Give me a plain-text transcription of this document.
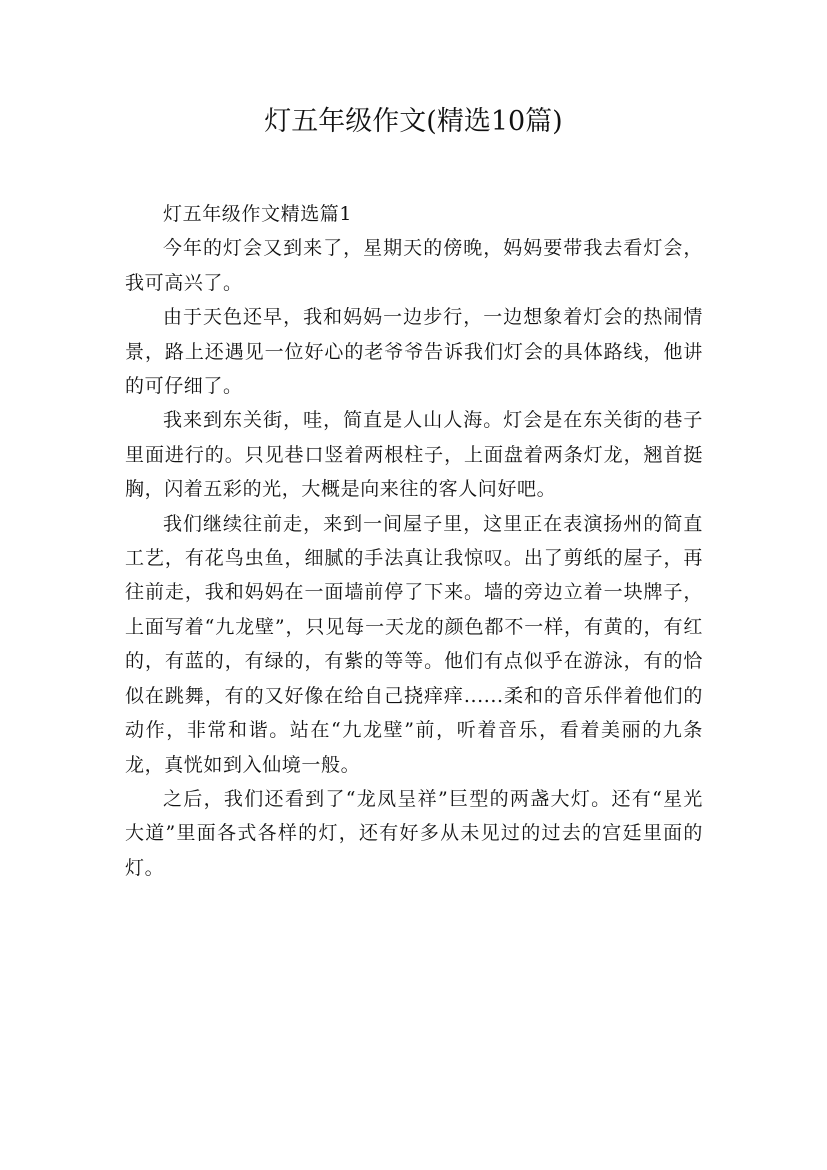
灯五年级作文(精选10篇)

灯五年级作文精选篇1

今年的灯会又到来了，星期天的傍晚，妈妈要带我去看灯会，我可高兴了。

由于天色还早，我和妈妈一边步行，一边想象着灯会的热闹情景，路上还遇见一位好心的老爷爷告诉我们灯会的具体路线，他讲的可仔细了。

我来到东关街，哇，简直是人山人海。灯会是在东关街的巷子里面进行的。只见巷口竖着两根柱子，上面盘着两条灯龙，翘首挺胸，闪着五彩的光，大概是向来往的客人问好吧。

我们继续往前走，来到一间屋子里，这里正在表演扬州的简直工艺，有花鸟虫鱼，细腻的手法真让我惊叹。出了剪纸的屋子，再往前走，我和妈妈在一面墙前停了下来。墙的旁边立着一块牌子，上面写着“九龙壁”，只见每一天龙的颜色都不一样，有黄的，有红的，有蓝的，有绿的，有紫的等等。他们有点似乎在游泳，有的恰似在跳舞，有的又好像在给自己挠痒痒......柔和的音乐伴着他们的动作，非常和谐。站在“九龙壁”前，听着音乐，看着美丽的九条龙，真恍如到入仙境一般。

之后，我们还看到了“龙凤呈祥”巨型的两盏大灯。还有“星光大道”里面各式各样的灯，还有好多从未见过的过去的宫廷里面的灯。
